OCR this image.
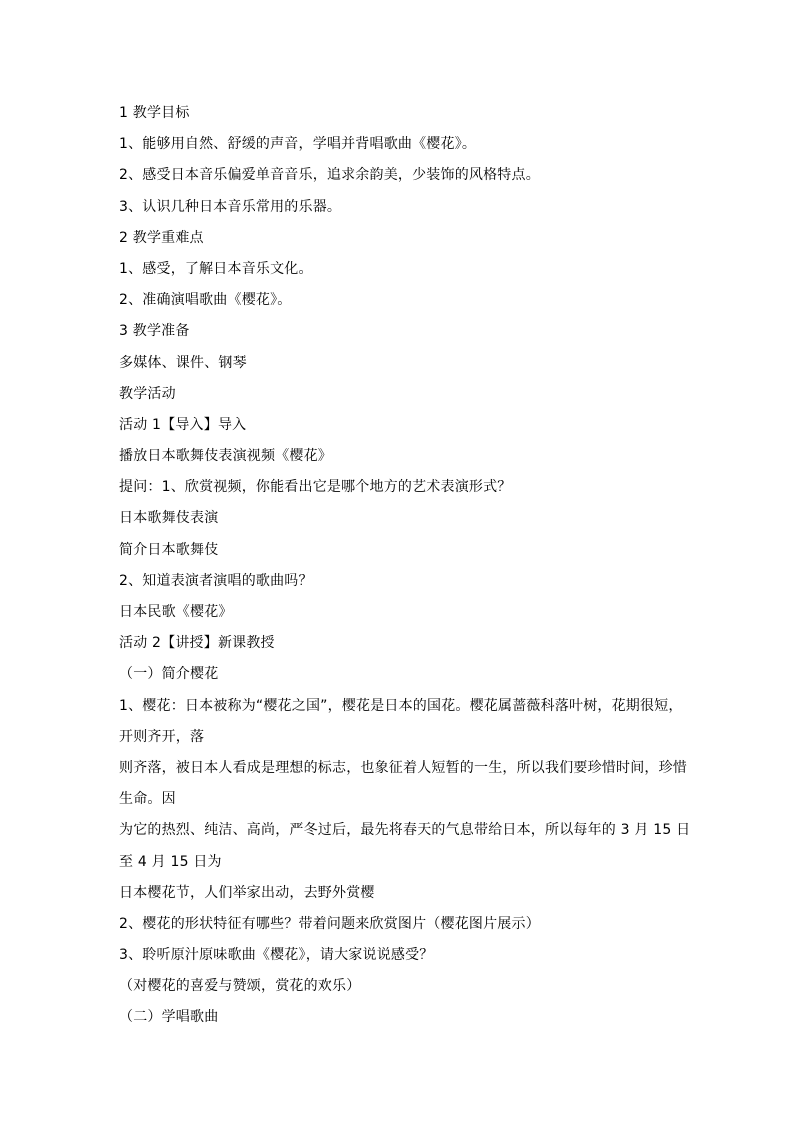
1 教学目标
1、能够用自然、舒缓的声音，学唱并背唱歌曲《樱花》。
2、感受日本音乐偏爱单音音乐，追求余韵美，少装饰的风格特点。
3、认识几种日本音乐常用的乐器。
2 教学重难点
1、感受，了解日本音乐文化。
2、准确演唱歌曲《樱花》。
3 教学准备
多媒体、课件、钢琴
教学活动
活动 1【导入】导入
播放日本歌舞伎表演视频《樱花》
提问：1、欣赏视频，你能看出它是哪个地方的艺术表演形式？
日本歌舞伎表演
简介日本歌舞伎
2、知道表演者演唱的歌曲吗？
日本民歌《樱花》
活动 2【讲授】新课教授
（一）简介樱花
1、樱花：日本被称为“樱花之国”，樱花是日本的国花。樱花属蔷薇科落叶树，花期很短，
开则齐开，落
则齐落，被日本人看成是理想的标志，也象征着人短暂的一生，所以我们要珍惜时间，珍惜
生命。因
为它的热烈、纯洁、高尚，严冬过后，最先将春天的气息带给日本，所以每年的 3 月 15 日
至 4 月 15 日为
日本樱花节，人们举家出动，去野外赏樱
2、樱花的形状特征有哪些？带着问题来欣赏图片（樱花图片展示）
3、聆听原汁原味歌曲《樱花》，请大家说说感受？
（对樱花的喜爱与赞颂，赏花的欢乐）
（二）学唱歌曲
